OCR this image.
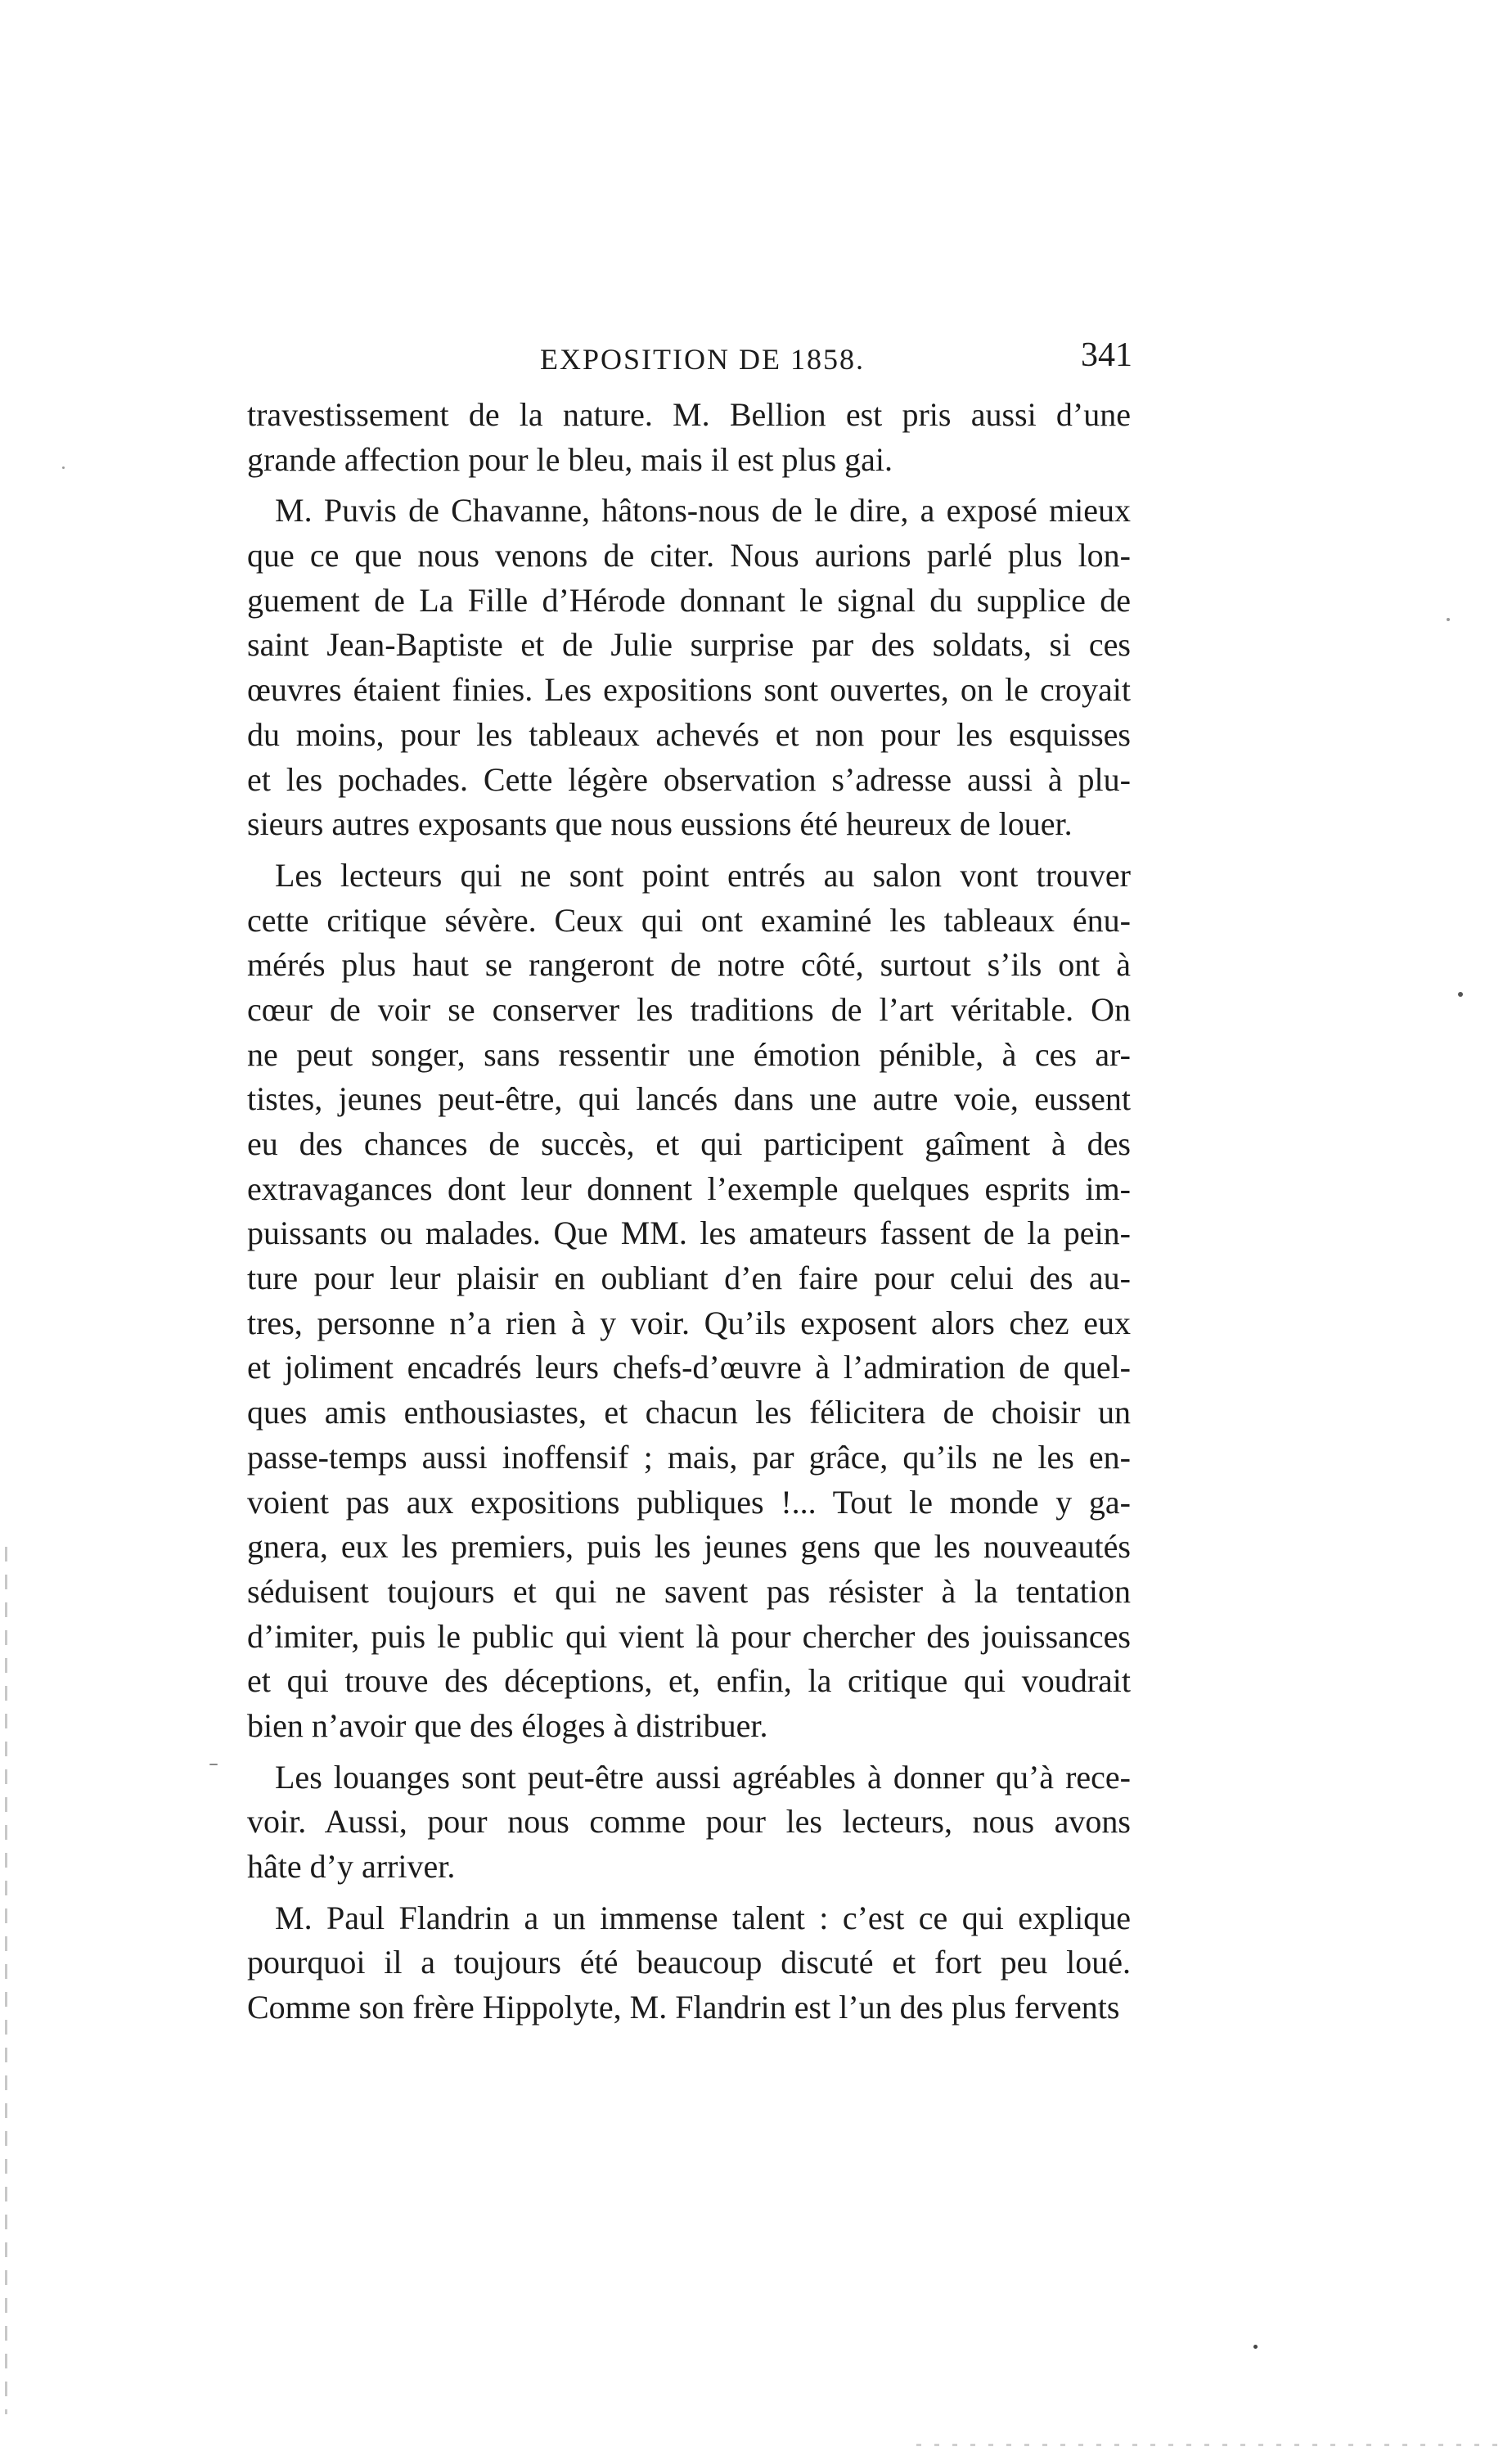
EXPOSITION DE 1858.	341
travestissement de la nature. M. Bellion est pris aussi d’une
grande affection pour le bleu, mais il est plus gai.
M. Puvis de Chavanne, hâtons-nous de le dire, a exposé mieux
que ce que nous venons de citer. Nous aurions parlé plus lon-
guement de La Fille d’Hérode donnant le signal du supplice de
saint Jean-Baptiste et de Julie surprise par des soldats, si ces
œuvres étaient finies. Les expositions sont ouvertes, on le croyait
du moins, pour les tableaux achevés et non pour les esquisses
et les pochades. Cette légère observation s’adresse aussi à plu-
sieurs autres exposants que nous eussions été heureux de louer.
Les lecteurs qui ne sont point entrés au salon vont trouver
cette critique sévère. Ceux qui ont examiné les tableaux énu-
mérés plus haut se rangeront de notre côté, surtout s’ils ont à
cœur de voir se conserver les traditions de l’art véritable. On
ne peut songer, sans ressentir une émotion pénible, à ces ar-
tistes, jeunes peut-être, qui lancés dans une autre voie, eussent
eu des chances de succès, et qui participent gaîment à des
extravagances dont leur donnent l’exemple quelques esprits im-
puissants ou malades. Que MM. les amateurs fassent de la pein-
ture pour leur plaisir en oubliant d’en faire pour celui des au-
tres, personne n’a rien à y voir. Qu’ils exposent alors chez eux
et joliment encadrés leurs chefs-d’œuvre à l’admiration de quel-
ques amis enthousiastes, et chacun les félicitera de choisir un
passe-temps aussi inoffensif ; mais, par grâce, qu’ils ne les en-
voient pas aux expositions publiques !... Tout le monde y ga-
gnera, eux les premiers, puis les jeunes gens que les nouveautés
séduisent toujours et qui ne savent pas résister à la tentation
d’imiter, puis le public qui vient là pour chercher des jouissances
et qui trouve des déceptions, et, enfin, la critique qui voudrait
bien n’avoir que des éloges à distribuer.
Les louanges sont peut-être aussi agréables à donner qu’à rece-
voir. Aussi, pour nous comme pour les lecteurs, nous avons
hâte d’y arriver.
M. Paul Flandrin a un immense talent : c’est ce qui explique
pourquoi il a toujours été beaucoup discuté et fort peu loué.
Comme son frère Hippolyte, M. Flandrin est l’un des plus fervents
